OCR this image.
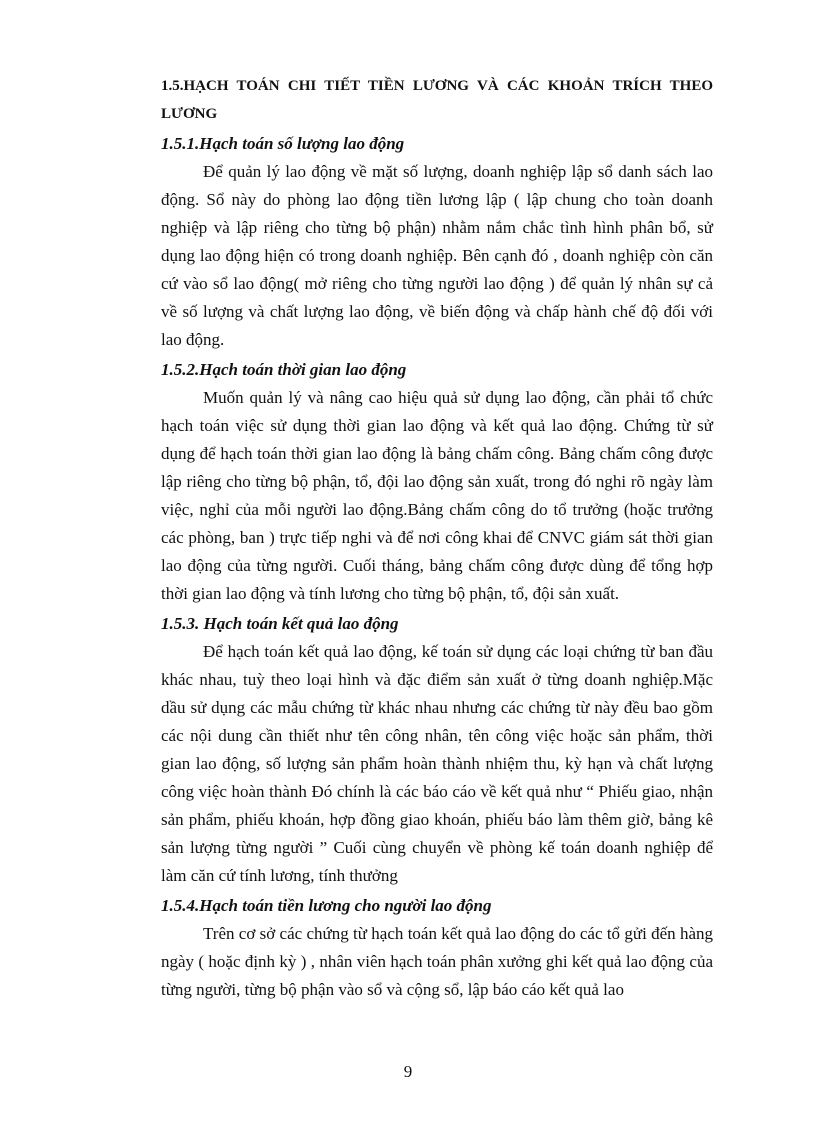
1.5.HẠCH TOÁN CHI TIẾT TIỀN LƯƠNG VÀ CÁC KHOẢN TRÍCH THEO
LƯƠNG
1.5.1.Hạch toán số lượng lao động

Để quản lý lao động về mặt số lượng, doanh nghiệp lập sổ danh sách lao động. Sổ này do phòng lao động tiền lương lập ( lập chung cho toàn doanh nghiệp và lập riêng cho từng bộ phận) nhằm nắm chắc tình hình phân bổ, sử dụng lao động hiện có trong doanh nghiệp. Bên cạnh đó , doanh nghiệp còn căn cứ vào sổ lao động( mở riêng cho từng người lao động ) để quản lý nhân sự cả về số lượng và chất lượng lao động, về biến động và chấp hành chế độ đối với lao động.

1.5.2.Hạch toán thời gian lao động

Muốn quản lý và nâng cao hiệu quả sử dụng lao động, cần phải tổ chức hạch toán việc sử dụng thời gian lao động và kết quả lao động. Chứng từ sử dụng để hạch toán thời gian lao động là bảng chấm công. Bảng chấm công được lập riêng cho từng bộ phận, tổ, đội lao động sản xuất, trong đó nghi rõ ngày làm việc, nghỉ của mỗi người lao động.Bảng chấm công do tổ trưởng (hoặc trưởng các phòng, ban ) trực tiếp nghi và để nơi công khai để CNVC giám sát thời gian lao động của từng người. Cuối tháng, bảng chấm công được dùng để tổng hợp thời gian lao động và tính lương cho từng bộ phận, tổ, đội sản xuất.

1.5.3. Hạch toán kết quả lao động

Để hạch toán kết quả lao động, kế toán sử dụng các loại chứng từ ban đầu khác nhau, tuỳ theo loại hình và đặc điểm sản xuất ở từng doanh nghiệp.Mặc dầu sử dụng các mẫu chứng từ khác nhau nhưng các chứng từ này đều bao gồm các nội dung cần thiết như tên công nhân, tên công việc hoặc sản phẩm, thời gian lao động, số lượng sản phẩm hoàn thành nhiệm thu, kỳ hạn và chất lượng công việc hoàn thành Đó chính là các báo cáo về kết quả như “ Phiếu giao, nhận sản phẩm, phiếu khoán, hợp đồng giao khoán, phiếu báo làm thêm giờ, bảng kê sản lượng từng người ” Cuối cùng chuyển về phòng kế toán doanh nghiệp để làm căn cứ tính lương, tính thưởng

1.5.4.Hạch toán tiền lương cho người lao động

Trên cơ sở các chứng từ hạch toán kết quả lao động do các tổ gửi đến hàng ngày ( hoặc định kỳ ) , nhân viên hạch toán phân xưởng ghi kết quả lao động của từng người, từng bộ phận vào sổ và cộng sổ, lập báo cáo kết quả lao

9
